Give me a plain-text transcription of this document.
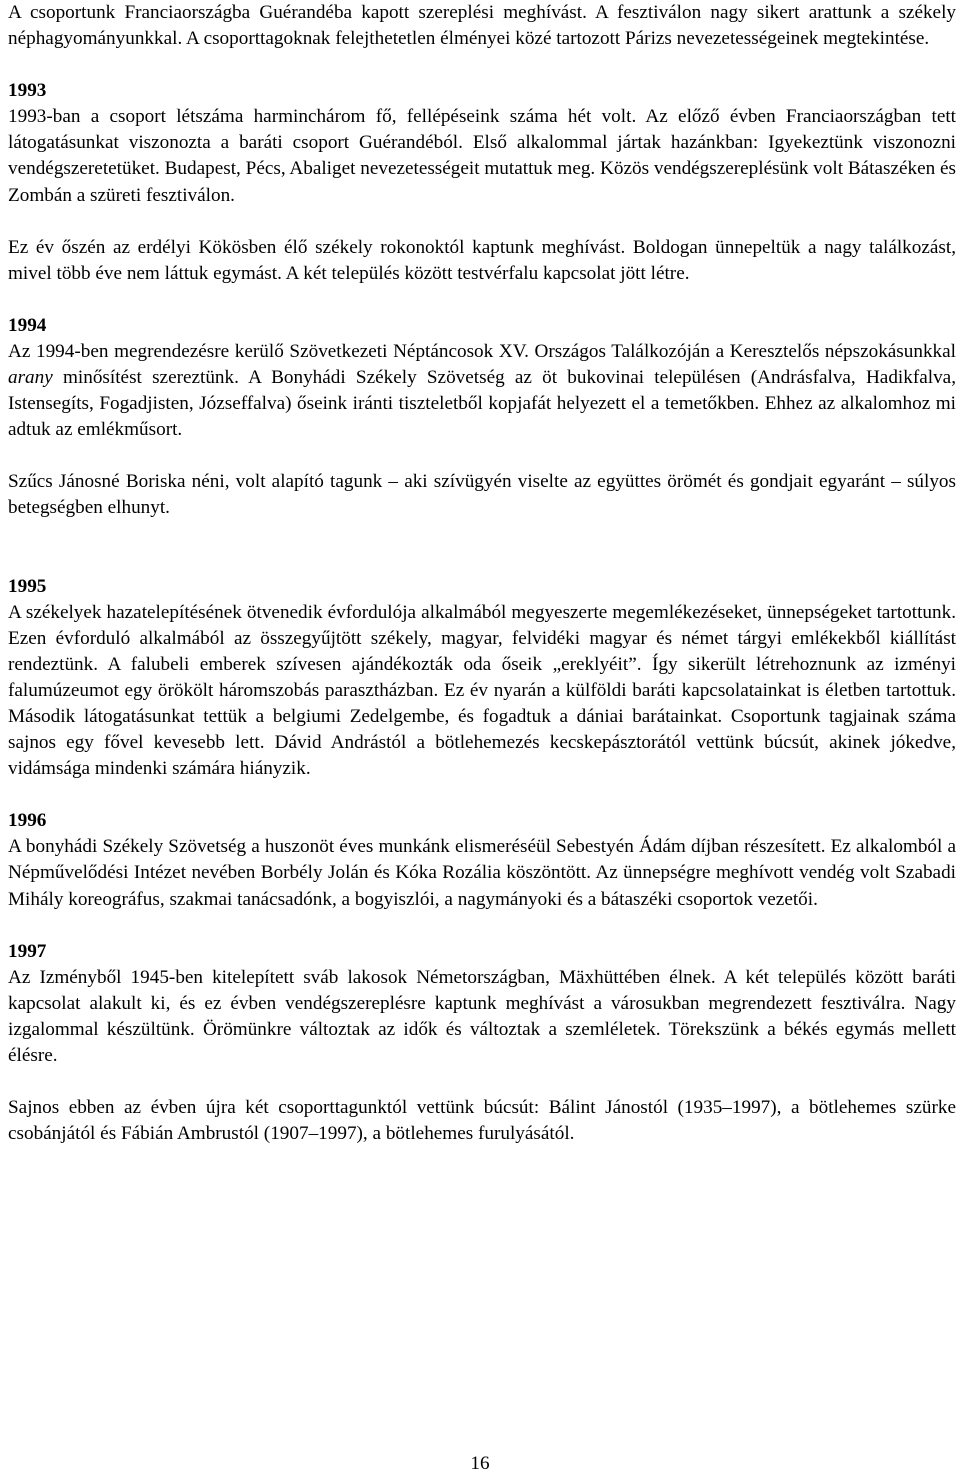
A csoportunk Franciaországba Guérandéba kapott szereplési meghívást. A fesztiválon nagy sikert arattunk a székely néphagyományunkkal. A csoporttagoknak felejthetetlen élményei közé tartozott Párizs nevezetességeinek megtekintése.

1993

1993-ban a csoport létszáma harminchárom fő, fellépéseink száma hét volt. Az előző évben Franciaországban tett látogatásunkat viszonozta a baráti csoport Guérandéból. Első alkalommal jártak hazánkban: Igyekeztünk viszonozni vendégszeretetüket. Budapest, Pécs, Abaliget nevezetességeit mutattuk meg. Közös vendégszereplésünk volt Bátaszéken és Zombán a szüreti fesztiválon.

Ez év őszén az erdélyi Kökösben élő székely rokonoktól kaptunk meghívást. Boldogan ünnepeltük a nagy találkozást, mivel több éve nem láttuk egymást. A két település között testvérfalu kapcsolat jött létre.

1994

Az 1994-ben megrendezésre kerülő Szövetkezeti Néptáncosok XV. Országos Találkozóján a Keresztelős népszokásunkkal arany minősítést szereztünk. A Bonyhádi Székely Szövetség az öt bukovinai településen (Andrásfalva, Hadikfalva, Istensegíts, Fogadjisten, Józseffalva) őseink iránti tiszteletből kopjafát helyezett el a temetőkben. Ehhez az alkalomhoz mi adtuk az emlékműsort.

Szűcs Jánosné Boriska néni, volt alapító tagunk – aki szívügyén viselte az együttes örömét és gondjait egyaránt – súlyos betegségben elhunyt.

1995

A székelyek hazatelepítésének ötvenedik évfordulója alkalmából megyeszerte megemlékezéseket, ünnepségeket tartottunk. Ezen évforduló alkalmából az összegyűjtött székely, magyar, felvidéki magyar és német tárgyi emlékekből kiállítást rendeztünk. A falubeli emberek szívesen ajándékozták oda őseik „ereklyéit”. Így sikerült létrehoznunk az izményi falumúzeumot egy örökölt háromszobás parasztházban. Ez év nyarán a külföldi baráti kapcsolatainkat is életben tartottuk. Második látogatásunkat tettük a belgiumi Zedelgembe, és fogadtuk a dániai barátainkat. Csoportunk tagjainak száma sajnos egy fővel kevesebb lett. Dávid Andrástól a bötlehemezés kecskepásztorától vettünk búcsút, akinek jókedve, vidámsága mindenki számára hiányzik.

1996

A bonyhádi Székely Szövetség a huszonöt éves munkánk elismeréséül Sebestyén Ádám díjban részesített. Ez alkalomból a Népművelődési Intézet nevében Borbély Jolán és Kóka Rozália köszöntött. Az ünnepségre meghívott vendég volt Szabadi Mihály koreográfus, szakmai tanácsadónk, a bogyiszlói, a nagymányoki és a bátaszéki csoportok vezetői.

1997

Az Izményből 1945-ben kitelepített sváb lakosok Németországban, Mäxhüttében élnek. A két település között baráti kapcsolat alakult ki, és ez évben vendégszereplésre kaptunk meghívást a városukban megrendezett fesztiválra. Nagy izgalommal készültünk. Örömünkre változtak az idők és változtak a szemléletek. Törekszünk a békés egymás mellett élésre.

Sajnos ebben az évben újra két csoporttagunktól vettünk búcsút: Bálint Jánostól (1935–1997), a bötlehemes szürke csobánjától és Fábián Ambrustól (1907–1997), a bötlehemes furulyásától.

16
